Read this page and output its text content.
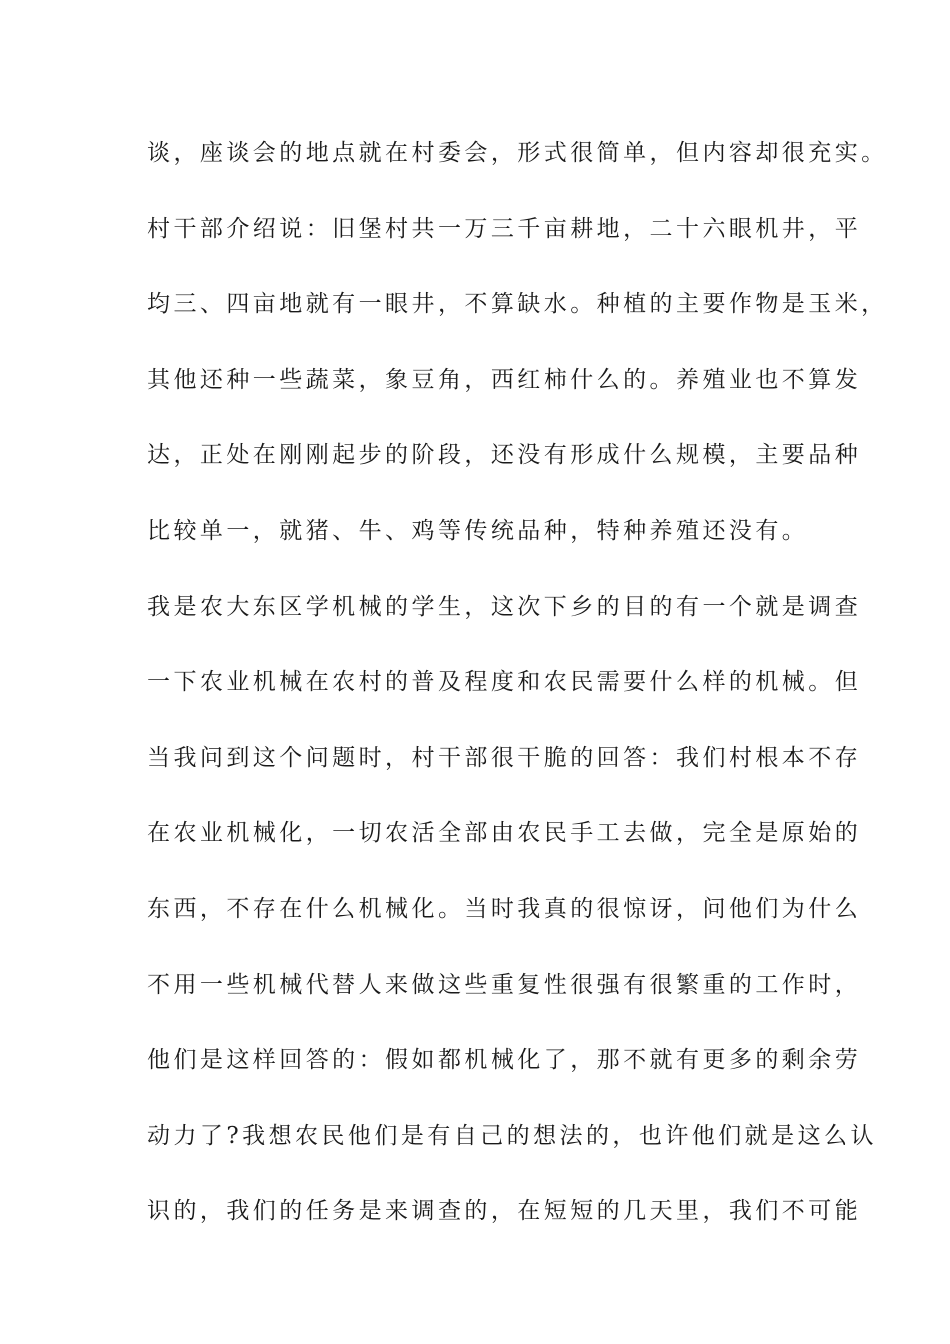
谈，座谈会的地点就在村委会，形式很简单，但内容却很充实。
村干部介绍说：旧堡村共一万三千亩耕地，二十六眼机井，平
均三、四亩地就有一眼井，不算缺水。种植的主要作物是玉米，
其他还种一些蔬菜，象豆角，西红柿什么的。养殖业也不算发
达，正处在刚刚起步的阶段，还没有形成什么规模，主要品种
比较单一，就猪、牛、鸡等传统品种，特种养殖还没有。
我是农大东区学机械的学生，这次下乡的目的有一个就是调查
一下农业机械在农村的普及程度和农民需要什么样的机械。但
当我问到这个问题时，村干部很干脆的回答：我们村根本不存
在农业机械化，一切农活全部由农民手工去做，完全是原始的
东西，不存在什么机械化。当时我真的很惊讶，问他们为什么
不用一些机械代替人来做这些重复性很强有很繁重的工作时，
他们是这样回答的：假如都机械化了，那不就有更多的剩余劳
动力了?我想农民他们是有自己的想法的，也许他们就是这么认
识的，我们的任务是来调查的，在短短的几天里，我们不可能
